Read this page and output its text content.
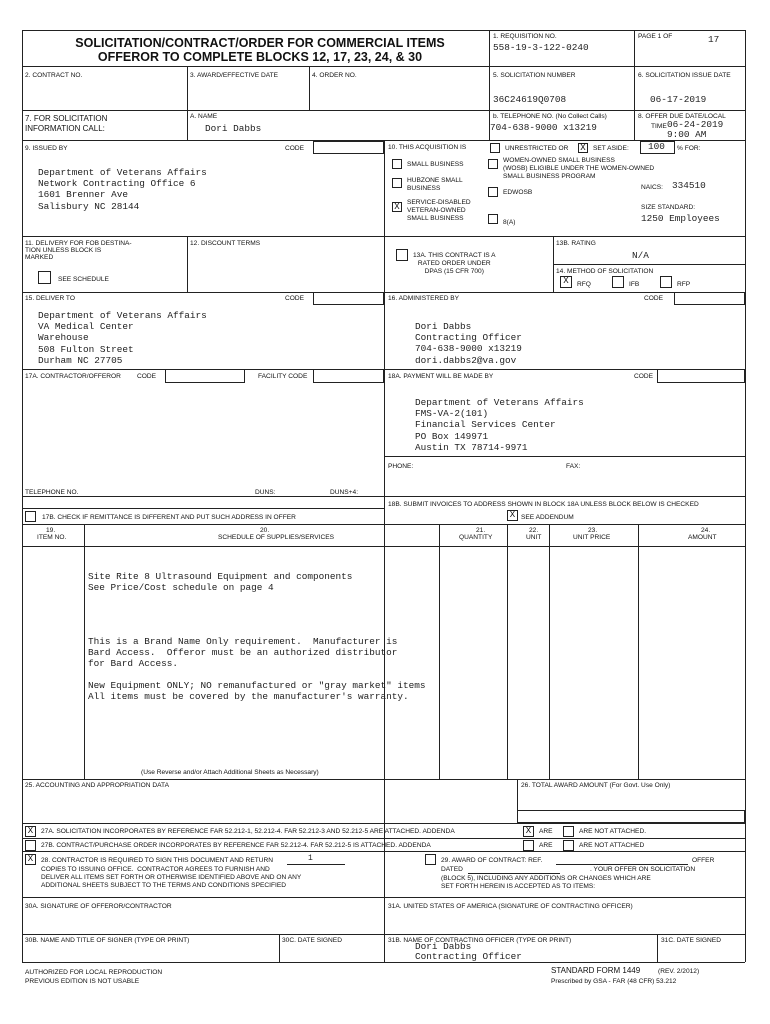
SOLICITATION/CONTRACT/ORDER FOR COMMERCIAL ITEMS
OFFEROR TO COMPLETE BLOCKS 12, 17, 23, 24, & 30
1. REQUISITION NO.
558-19-3-122-0240
PAGE 1 OF	17
2. CONTRACT NO.	3. AWARD/EFFECTIVE DATE	4. ORDER NO.	5. SOLICITATION NUMBER
36C24619Q0708
6. SOLICITATION ISSUE DATE
06-17-2019
7. FOR SOLICITATION
INFORMATION CALL:
A. NAME
Dori Dabbs
b. TELEPHONE NO. (No Collect Calls)
704-638-9000 x13219
8. OFFER DUE DATE/LOCAL
TIME 06-24-2019
9:00 AM
9. ISSUED BY	CODE
Department of Veterans Affairs
Network Contracting Office 6
1601 Brenner Ave
Salisbury NC 28144
10. THIS ACQUISITION IS	UNRESTRICTED OR X	SET ASIDE: 100 % FOR:
SMALL BUSINESS
WOMEN-OWNED SMALL BUSINESS
(WOSB) ELIGIBLE UNDER THE WOMEN-OWNED
SMALL BUSINESS PROGRAM
HUBZONE SMALL
BUSINESS
EDWOSB
X	SERVICE-DISABLED
VETERAN-OWNED
SMALL BUSINESS
8(A)
NAICS: 334510
SIZE STANDARD:
1250 Employees
11. DELIVERY FOR FOB DESTINA-
TION UNLESS BLOCK IS
MARKED
SEE SCHEDULE
12. DISCOUNT TERMS
13A. THIS CONTRACT IS A
RATED ORDER UNDER
DPAS (15 CFR 700)
13B. RATING
N/A
14. METHOD OF SOLICITATION
X	RFQ	IFB	RFP
15. DELIVER TO	CODE
Department of Veterans Affairs
VA Medical Center
Warehouse
508 Fulton Street
Durham NC 27705
16. ADMINISTERED BY	CODE
Dori Dabbs
Contracting Officer
704-638-9000 x13219
dori.dabbs2@va.gov
17A. CONTRACTOR/OFFEROR CODE	FACILITY CODE
TELEPHONE NO.	DUNS:	DUNS+4:
17B. CHECK IF REMITTANCE IS DIFFERENT AND PUT SUCH ADDRESS IN OFFER
18A. PAYMENT WILL BE MADE BY	CODE
Department of Veterans Affairs
FMS-VA-2(101)
Financial Services Center
PO Box 149971
Austin TX 78714-9971
PHONE:	FAX:
18B. SUBMIT INVOICES TO ADDRESS SHOWN IN BLOCK 18A UNLESS BLOCK BELOW IS CHECKED
X SEE ADDENDUM
19.
ITEM NO.
20.
SCHEDULE OF SUPPLIES/SERVICES
21.
QUANTITY
22.
UNIT
23.
UNIT PRICE
24.
AMOUNT
Site Rite 8 Ultrasound Equipment and components
See Price/Cost schedule on page 4
This is a Brand Name Only requirement.  Manufacturer is
Bard Access.  Offeror must be an authorized distributor
for Bard Access.
New Equipment ONLY; NO remanufactured or "gray market" items
All items must be covered by the manufacturer's warranty.
(Use Reverse and/or Attach Additional Sheets as Necessary)
25. ACCOUNTING AND APPROPRIATION DATA	26. TOTAL AWARD AMOUNT (For Govt. Use Only)
X	27A. SOLICITATION INCORPORATES BY REFERENCE FAR 52.212-1, 52.212-4. FAR 52.212-3 AND 52.212-5 ARE ATTACHED. ADDENDA	X	ARE	ARE NOT ATTACHED.
27B. CONTRACT/PURCHASE ORDER INCORPORATES BY REFERENCE FAR 52.212-4. FAR 52.212-5 IS ATTACHED. ADDENDA	ARE	ARE NOT ATTACHED
X	28. CONTRACTOR IS REQUIRED TO SIGN THIS DOCUMENT AND RETURN	1
COPIES TO ISSUING OFFICE.  CONTRACTOR AGREES TO FURNISH AND
DELIVER ALL ITEMS SET FORTH OR OTHERWISE IDENTIFIED ABOVE AND ON ANY
ADDITIONAL SHEETS SUBJECT TO THE TERMS AND CONDITIONS SPECIFIED
29. AWARD OF CONTRACT: REF.	OFFER
DATED	. YOUR OFFER ON SOLICITATION
(BLOCK 5), INCLUDING ANY ADDITIONS OR CHANGES WHICH ARE
SET FORTH HEREIN IS ACCEPTED AS TO ITEMS:
30A. SIGNATURE OF OFFEROR/CONTRACTOR	31A. UNITED STATES OF AMERICA (SIGNATURE OF CONTRACTING OFFICER)
30B. NAME AND TITLE OF SIGNER (TYPE OR PRINT)	30C. DATE SIGNED	31B. NAME OF CONTRACTING OFFICER (TYPE OR PRINT)
Dori Dabbs
Contracting Officer
31C. DATE SIGNED
AUTHORIZED FOR LOCAL REPRODUCTION
PREVIOUS EDITION IS NOT USABLE
STANDARD FORM 1449	(REV. 2/2012)
Prescribed by GSA - FAR (48 CFR) 53.212
